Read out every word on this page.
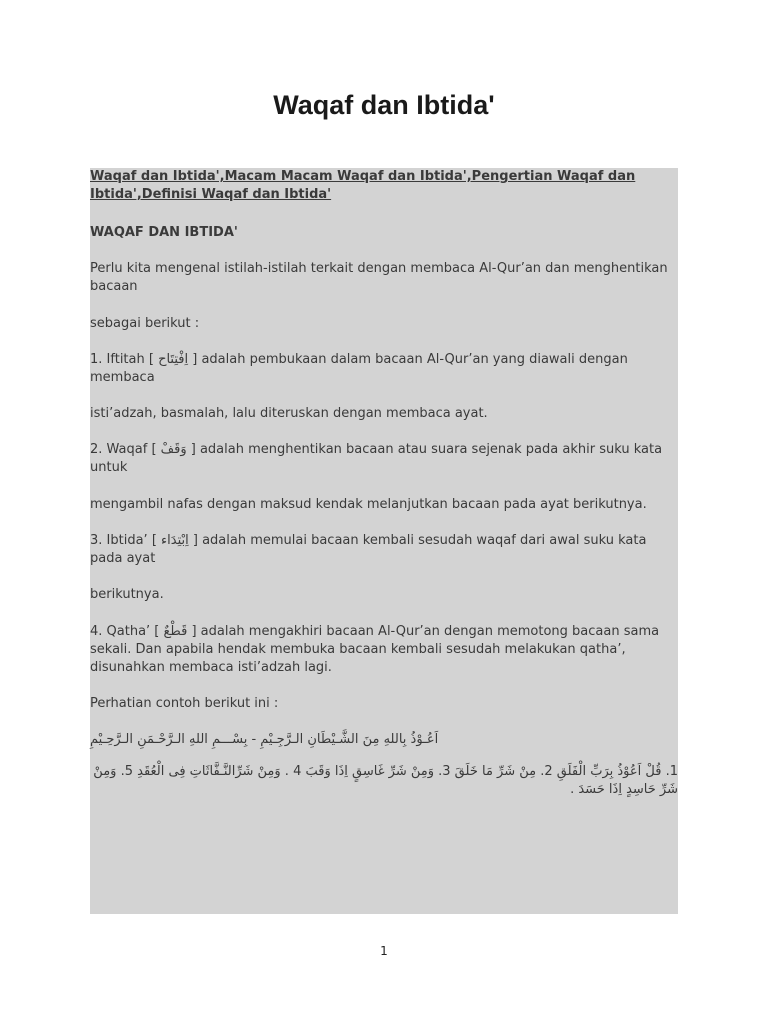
Waqaf dan Ibtida'

Waqaf dan Ibtida',Macam Macam Waqaf dan Ibtida',Pengertian Waqaf dan Ibtida',Definisi Waqaf dan Ibtida'

WAQAF DAN IBTIDA'

Perlu kita mengenal istilah-istilah terkait dengan membaca Al-Qur’an dan menghentikan bacaan

sebagai berikut :

1. Iftitah [ اِفْتِتَاح ] adalah pembukaan dalam bacaan Al-Qur’an yang diawali dengan membaca

isti’adzah, basmalah, lalu diteruskan dengan membaca ayat.

2. Waqaf [ وَقَفْ ] adalah menghentikan bacaan atau suara sejenak pada akhir suku kata untuk

mengambil nafas dengan maksud kendak melanjutkan bacaan pada ayat berikutnya.

3. Ibtida’ [ اِبْتِدَاء ] adalah memulai bacaan kembali sesudah waqaf dari awal suku kata pada ayat

berikutnya.

4. Qatha’ [ قَطْعٌ ] adalah mengakhiri bacaan Al-Qur’an dengan memotong bacaan sama sekali. Dan apabila hendak membuka bacaan kembali sesudah melakukan qatha’, disunahkan membaca isti’adzah lagi.

Perhatian contoh berikut ini :

اَعُـوْذُ بِاللهِ مِنَ الشَّـيْطَانِ الـرَّجِـيْمِ - بِسْـــمِ اللهِ الـرَّحْـمَنِ الـرَّحِـيْمِ

1. قُلْ اَعُوْذُ بِرَبِّ الْفَلَقِ 2. مِنْ شَرِّ مَا خَلَقَ 3. وَمِنْ شَرِّ غَاسِقٍ اِذَا وَقَبَ 4 . وَمِنْ شَرِّالنَّـفَّاثَاتِ فِى الْعُقَدِ 5. وَمِنْ شَرِّ حَاسِدٍ اِذَا حَسَدَ .

1
